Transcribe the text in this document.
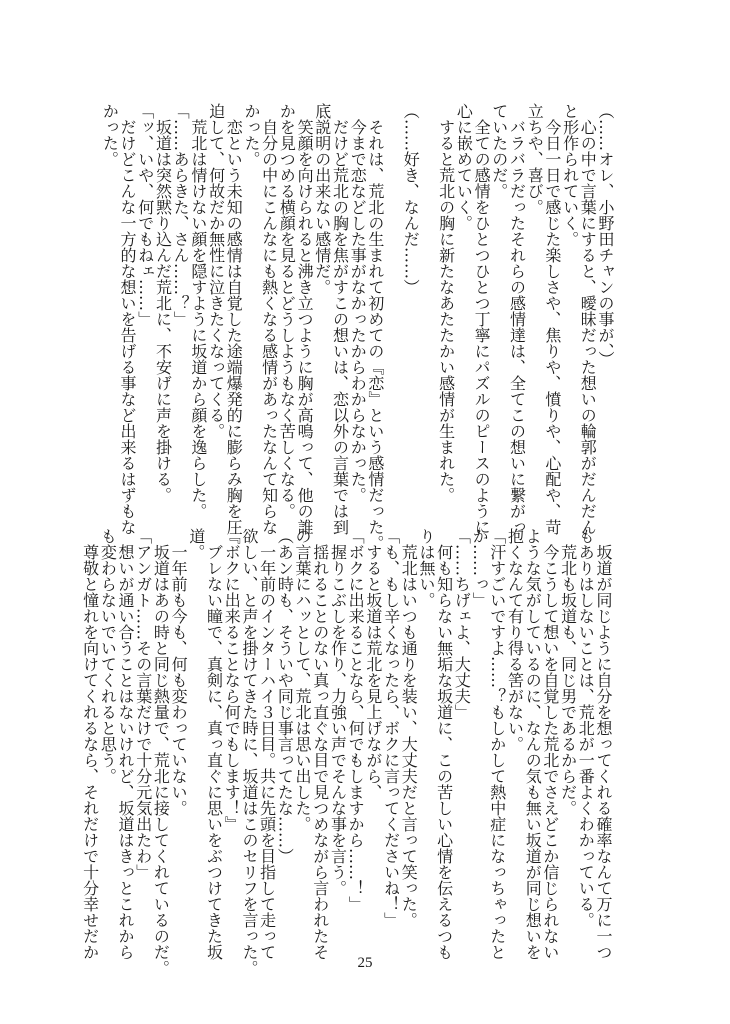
（……オレ、小野田チャンの事が、）
　心の中で言葉にすると、曖昧だった想いの輪郭がだんだん
と形作られていく。
　今日一日で感じた楽しさや、焦りや、憤りや、心配や、苛
立ちや、喜び。
　バラバラだったそれらの感情達は、全てこの想いに繋がっ
ていたのだ。
　全ての感情をひとつひとつ丁寧にパズルのピースのように
心に嵌めていく。
　すると荒北の胸に新たなあたたかい感情が生まれた。
（……好き、なんだ……）
　それは、荒北の生まれて初めての『恋』という感情だった。
　今まで恋などした事がなかったからわからなかった。
　だけど荒北の胸を焦がすこの想いは、恋以外の言葉では到
底説明の出来ない感情だ。
　笑顔を向けられると沸き立つように胸が高鳴って、他の誰
かを見つめる横顔を見るとどうしようもなく苦しくなる。
　自分の中にこんなにも熱くなる感情があったなんて知らな
かった。
　恋という未知の感情は自覚した途端爆発的に膨らみ胸を圧
迫して、何故だか無性に泣きたくなってくる。
　荒北は情けない顔を隠すように坂道から顔を逸らした。
「……あらきた、さん……？」
　坂道は突然黙り込んだ荒北に、不安げに声を掛ける。
「ッ、いや、何でもねェ……」
　だけどこんな一方的な想いを告げる事など出来るはずもな
かった。
　坂道が同じように自分を想ってくれる確率なんて万に一つ
もありはしないことは、荒北が一番よくわかっている。
　荒北も坂道も、同じ男であるからだ。
　今こうして想いを自覚した荒北でさえどこか信じられない
ような気がしているのに、なんの気も無い坂道が同じ想いを
抱くなんて有り得る筈がない。
「汗すごいですよ……？もしかして熱中症になっちゃったと
か……っ」
「……ちげェよ、大丈夫」
　何も知らない無垢な坂道に、この苦しい心情を伝えるつも
りは無い。
　荒北はいつも通りを装い、大丈夫だと言って笑った。
「も、もし辛くなったら、ボクに言ってくださいね！」
　すると坂道は荒北を見上げながら、
「ボクに出来ることなら、何でもしますから……！」
　握りこぶしを作り、力強い声でそんな事を言う。
　揺れることのない真っ直ぐな目で見つめながら言われたそ
の言葉にハッとして、荒北は思い出した。
（あン時も、そういや同じ事言ってたな……）
　一年前のインターハイ３日目。共に先頭を目指して走って
欲しい、と声を掛けてきた時に、坂道はこのセリフを言った。
『ボクに出来ることなら何でもします！』
　ブレない瞳で、真剣に、真っ直ぐに思いをぶつけてきた坂
道。
　一年前も今も、何も変わっていない。
　坂道はあの時と同じ熱量で、荒北に接してくれているのだ。
「アンガト……その言葉だけで十分元気出たわ」
　想いが通い合うことはないけれど、坂道はきっとこれから
も変わらないでいてくれると思う。
　尊敬と憧れを向けてくれるなら、それだけで十分幸せだか
25
